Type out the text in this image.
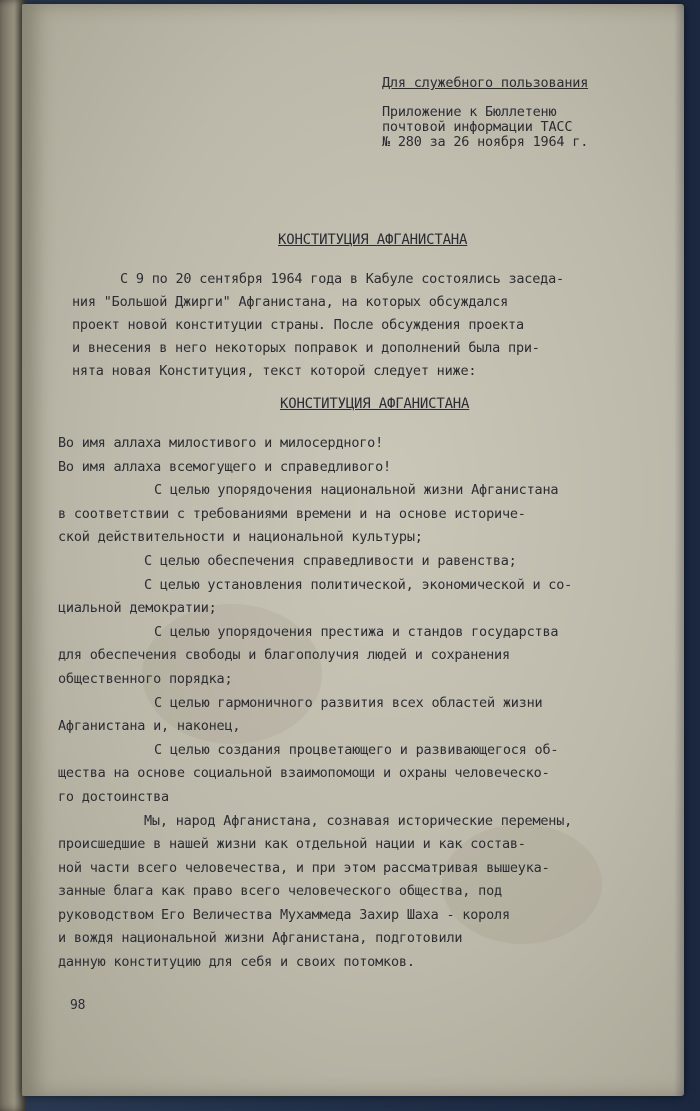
Для служебного пользования
Приложение к Бюллетеню
почтовой информации ТАСС
№ 280 за 26 ноября 1964 г.
КОНСТИТУЦИЯ АФГАНИСТАНА
С 9 по 20 сентября 1964 года в Кабуле состоялись заседа-
ния "Большой Джирги" Афганистана, на которых обсуждался
проект новой конституции страны. После обсуждения проекта
и внесения в него некоторых поправок и дополнений была при-
нята новая Конституция, текст которой следует ниже:
КОНСТИТУЦИЯ АФГАНИСТАНА
Во имя аллаха милостивого и милосердного!
Во имя аллаха всемогущего и справедливого!
С целью упорядочения национальной жизни Афганистана
в соответствии с требованиями времени и на основе историче-
ской действительности и национальной культуры;
С целью обеспечения справедливости и равенства;
С целью установления политической, экономической и со-
циальной демократии;
С целью упорядочения престижа и стандов государства
для обеспечения свободы и благополучия людей и сохранения
общественного порядка;
С целью гармоничного развития всех областей жизни
Афганистана и, наконец,
С целью создания процветающего и развивающегося об-
щества на основе социальной взаимопомощи и охраны человеческо-
го достоинства
Мы, народ Афганистана, сознавая исторические перемены,
происшедшие в нашей жизни как отдельной нации и как состав-
ной части всего человечества, и при этом рассматривая вышеука-
занные блага как право всего человеческого общества, под
руководством Его Величества Мухаммеда Захир Шаха - короля
и вождя национальной жизни Афганистана, подготовили
данную конституцию для себя и своих потомков.
98
